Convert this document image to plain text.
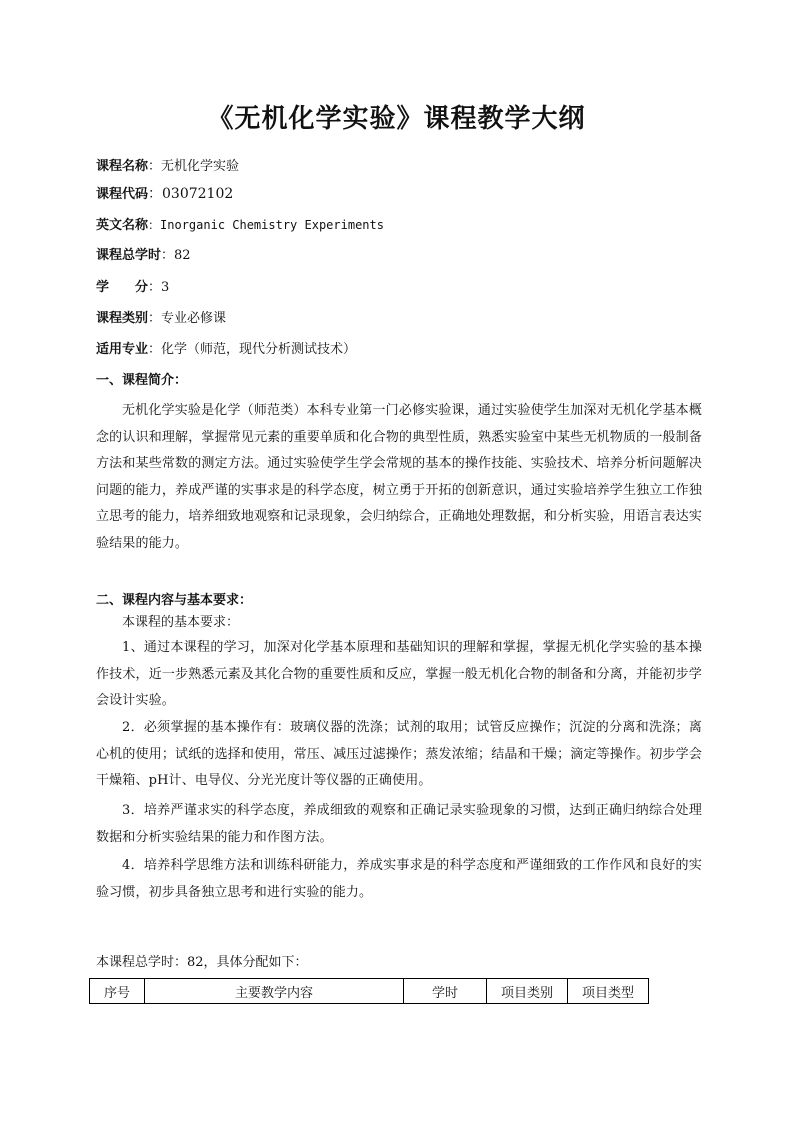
《无机化学实验》课程教学大纲
课程名称：无机化学实验
课程代码：03072102
英文名称：Inorganic Chemistry Experiments
课程总学时：82
学　　分：3
课程类别：专业必修课
适用专业：化学（师范，现代分析测试技术）
一、课程简介：
无机化学实验是化学（师范类）本科专业第一门必修实验课，通过实验使学生加深对无机化学基本概念的认识和理解，掌握常见元素的重要单质和化合物的典型性质，熟悉实验室中某些无机物质的一般制备方法和某些常数的测定方法。通过实验使学生学会常规的基本的操作技能、实验技术、培养分析问题解决问题的能力，养成严谨的实事求是的科学态度，树立勇于开拓的创新意识，通过实验培养学生独立工作独立思考的能力，培养细致地观察和记录现象，会归纳综合，正确地处理数据，和分析实验，用语言表达实验结果的能力。
二、课程内容与基本要求：
本课程的基本要求：
1、通过本课程的学习，加深对化学基本原理和基础知识的理解和掌握，掌握无机化学实验的基本操作技术，近一步熟悉元素及其化合物的重要性质和反应，掌握一般无机化合物的制备和分离，并能初步学会设计实验。
2．必须掌握的基本操作有：玻璃仪器的洗涤；试剂的取用；试管反应操作；沉淀的分离和洗涤；离心机的使用；试纸的选择和使用，常压、减压过滤操作；蒸发浓缩；结晶和干燥；滴定等操作。初步学会干燥箱、pH计、电导仪、分光光度计等仪器的正确使用。
3．培养严谨求实的科学态度，养成细致的观察和正确记录实验现象的习惯，达到正确归纳综合处理数据和分析实验结果的能力和作图方法。
4．培养科学思维方法和训练科研能力，养成实事求是的科学态度和严谨细致的工作作风和良好的实验习惯，初步具备独立思考和进行实验的能力。
本课程总学时：82，具体分配如下：
序号	主要教学内容	学时	项目类别	项目类型
